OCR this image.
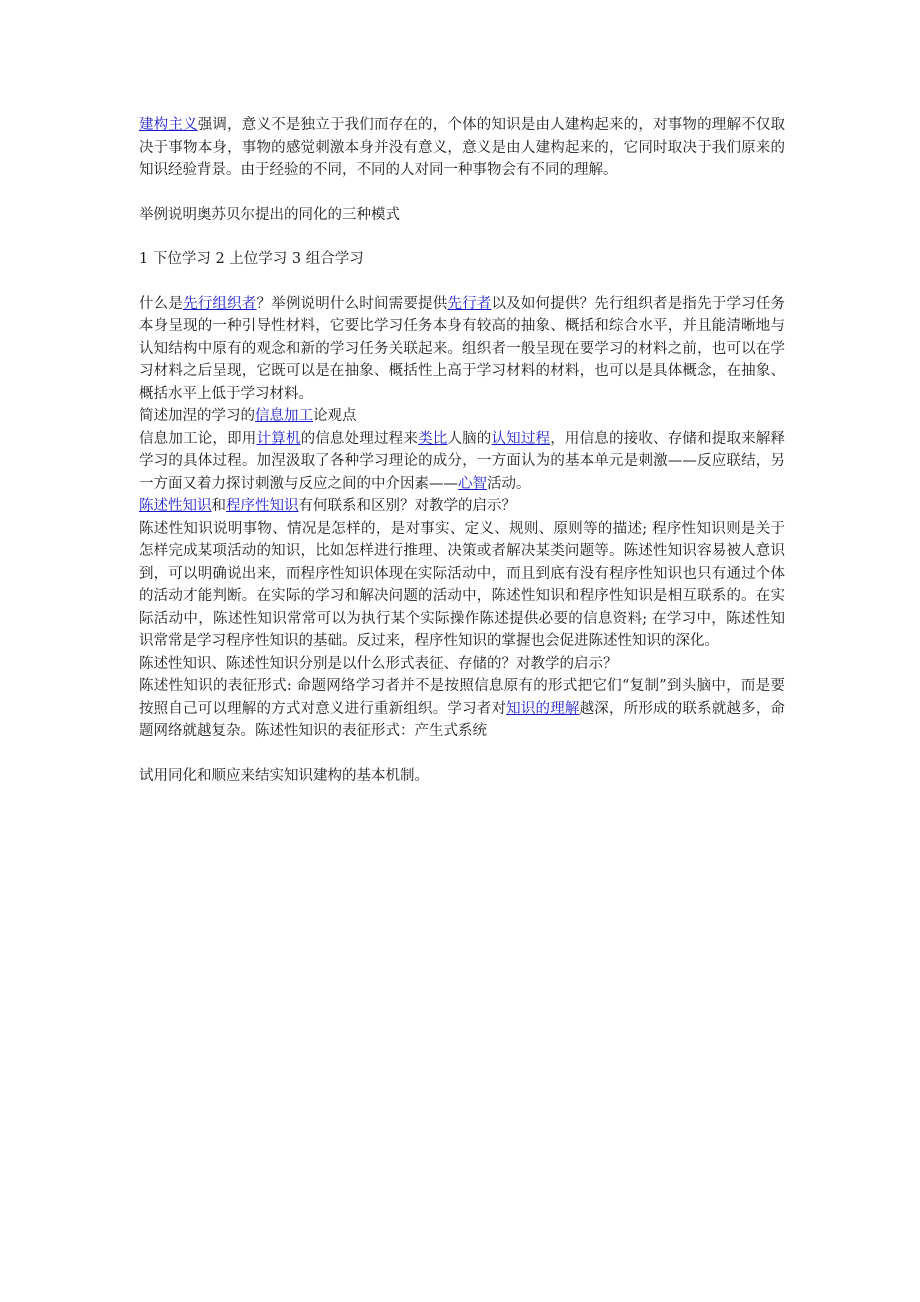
建构主义强调，意义不是独立于我们而存在的，个体的知识是由人建构起来的，对事物的理解不仅取决于事物本身，事物的感觉刺激本身并没有意义，意义是由人建构起来的，它同时取决于我们原来的知识经验背景。由于经验的不同，不同的人对同一种事物会有不同的理解。

举例说明奥苏贝尔提出的同化的三种模式

1 下位学习 2 上位学习 3 组合学习

什么是先行组织者？举例说明什么时间需要提供先行者以及如何提供？先行组织者是指先于学习任务本身呈现的一种引导性材料，它要比学习任务本身有较高的抽象、概括和综合水平，并且能清晰地与认知结构中原有的观念和新的学习任务关联起来。组织者一般呈现在要学习的材料之前，也可以在学习材料之后呈现，它既可以是在抽象、概括性上高于学习材料的材料，也可以是具体概念，在抽象、概括水平上低于学习材料。

简述加涅的学习的信息加工论观点

信息加工论，即用计算机的信息处理过程来类比人脑的认知过程，用信息的接收、存储和提取来解释学习的具体过程。加涅汲取了各种学习理论的成分，一方面认为的基本单元是刺激——反应联结，另一方面又着力探讨刺激与反应之间的中介因素——心智活动。

陈述性知识和程序性知识有何联系和区别？对教学的启示？

陈述性知识说明事物、情况是怎样的，是对事实、定义、规则、原则等的描述; 程序性知识则是关于怎样完成某项活动的知识，比如怎样进行推理、决策或者解决某类问题等。陈述性知识容易被人意识到，可以明确说出来，而程序性知识体现在实际活动中，而且到底有没有程序性知识也只有通过个体的活动才能判断。在实际的学习和解决问题的活动中，陈述性知识和程序性知识是相互联系的。在实际活动中，陈述性知识常常可以为执行某个实际操作陈述提供必要的信息资料; 在学习中，陈述性知识常常是学习程序性知识的基础。反过来，程序性知识的掌握也会促进陈述性知识的深化。

陈述性知识、陈述性知识分别是以什么形式表征、存储的？对教学的启示？

陈述性知识的表征形式: 命题网络学习者并不是按照信息原有的形式把它们“复制”到头脑中，而是要按照自己可以理解的方式对意义进行重新组织。学习者对知识的理解越深，所形成的联系就越多，命题网络就越复杂。陈述性知识的表征形式：产生式系统

试用同化和顺应来结实知识建构的基本机制。
